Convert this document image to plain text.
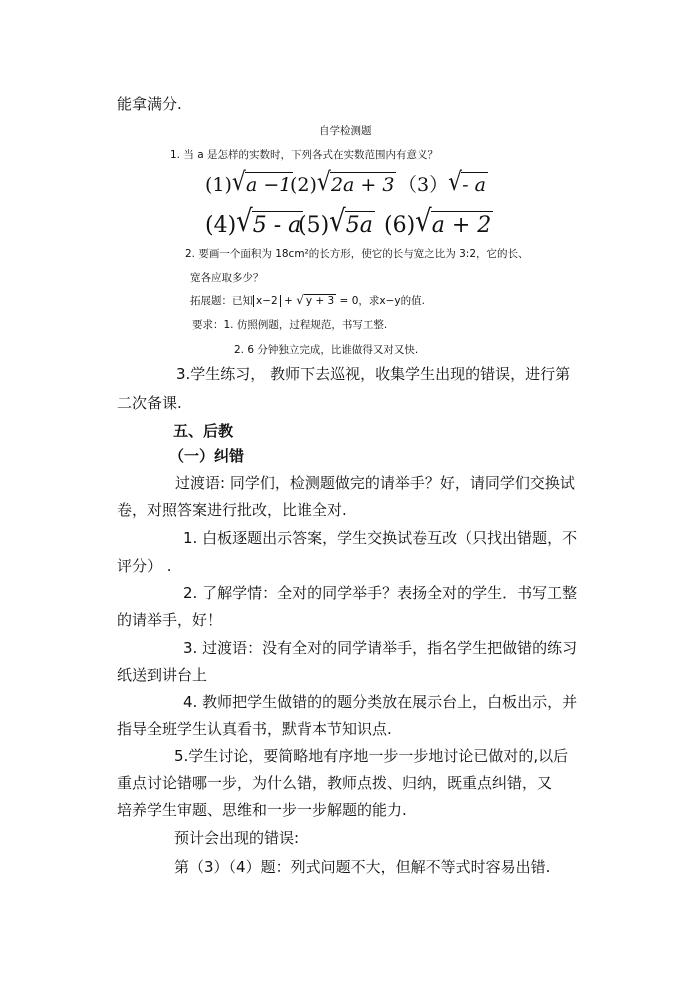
能拿满分.
自学检测题
1. 当 a 是怎样的实数时，下列各式在实数范围内有意义？
(1)√a −1
(2)√2a + 3 （3）√- a
(4)√5 - a
(5)√5a (6)√a + 2
2. 要画一个面积为 18cm²的长方形，使它的长与宽之比为 3:2，它的长、
宽各应取多少？
拓展题：已知 x−2 + √ y + 3 = 0，求x−y的值.
要求：1. 仿照例题，过程规范，书写工整.
2. 6 分钟独立完成，比谁做得又对又快.
3.学生练习， 教师下去巡视，收集学生出现的错误，进行第
二次备课.
五、后教
（一）纠错
过渡语: 同学们，检测题做完的请举手？好，请同学们交换试
卷，对照答案进行批改，比谁全对.
1. 白板逐题出示答案，学生交换试卷互改（只找出错题，不
评分） .
2. 了解学情：全对的同学举手？表扬全对的学生．书写工整
的请举手，好！
3. 过渡语：没有全对的同学请举手，指名学生把做错的练习
纸送到讲台上
4. 教师把学生做错的的题分类放在展示台上，白板出示，并
指导全班学生认真看书，默背本节知识点.
5.学生讨论，要简略地有序地一步一步地讨论已做对的,以后
重点讨论错哪一步，为什么错，教师点拨、归纳，既重点纠错，又
培养学生审题、思维和一步一步解题的能力.
预计会出现的错误:
第（3）（4）题：列式问题不大，但解不等式时容易出错.
